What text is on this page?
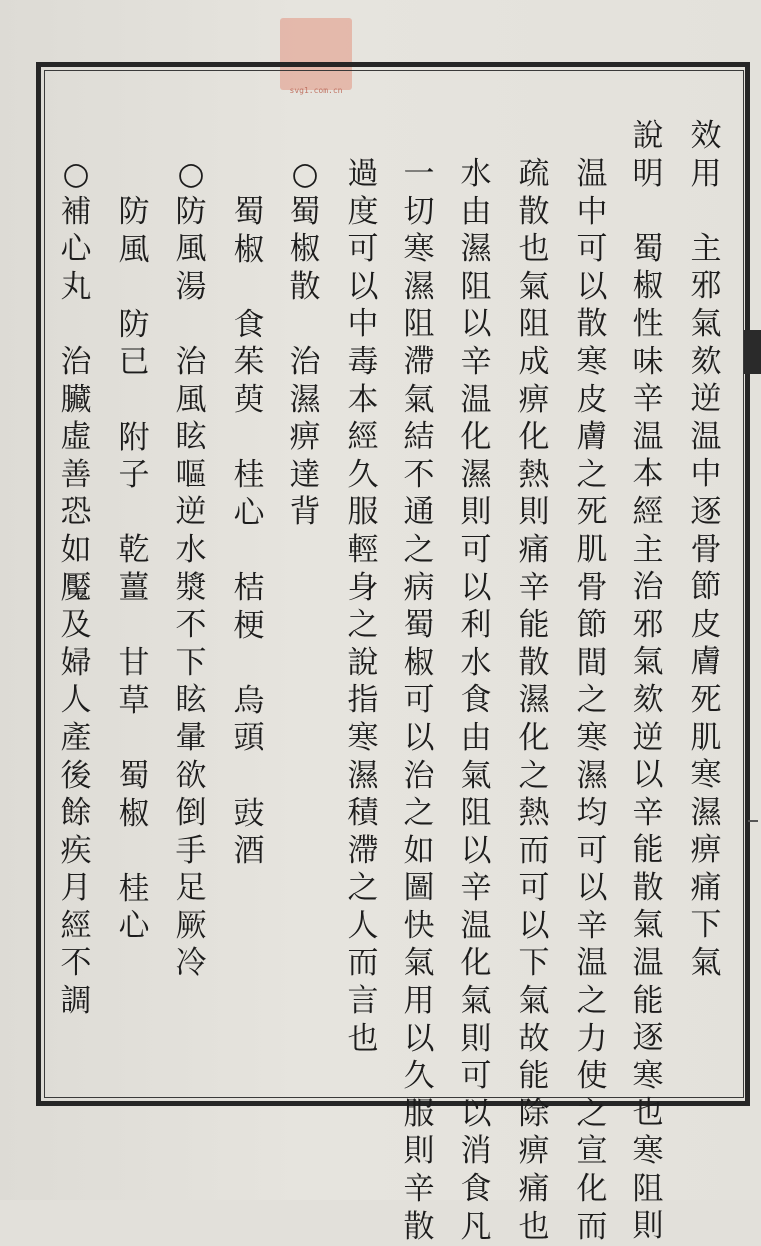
svg1.com.cn
效
用

主
邪
氣
欬
逆
温
中
逐
骨
節
皮
膚
死
肌
寒
濕
痹
痛
下
氣
說
明

蜀
椒
性
味
辛
温
本
經
主
治
邪
氣
欬
逆
以
辛
能
散
氣
温
能
逐
寒
也
寒
阻
則
温
中
可
以
散
寒
皮
膚
之
死
肌
骨
節
間
之
寒
濕
均
可
以
辛
温
之
力
使
之
宣
化
而
疏
散
也
氣
阻
成
痹
化
熱
則
痛
辛
能
散
濕
化
之
熱
而
可
以
下
氣
故
能
除
痹
痛
也
水
由
濕
阻
以
辛
温
化
濕
則
可
以
利
水
食
由
氣
阻
以
辛
温
化
氣
則
可
以
消
食
凡
一
切
寒
濕
阻
滯
氣
結
不
通
之
病
蜀
椒
可
以
治
之
如
圖
快
氣
用
以
久
服
則
辛
散
過
度
可
以
中
毒
本
經
久
服
輕
身
之
說
指
寒
濕
積
滯
之
人
而
言
也
○
蜀
椒
散

治
濕
痹
達
背
蜀
椒

食
茱
萸

桂
心

桔
梗

烏
頭

豉
酒
○
防
風
湯

治
風
眩
嘔
逆
水
漿
不
下
眩
暈
欲
倒
手
足
厥
冷
防
風

防
已

附
子

乾
薑

甘
草

蜀
椒

桂
心
○
補
心
丸

治
臟
虛
善
恐
如
魘
及
婦
人
產
後
餘
疾
月
經
不
調
